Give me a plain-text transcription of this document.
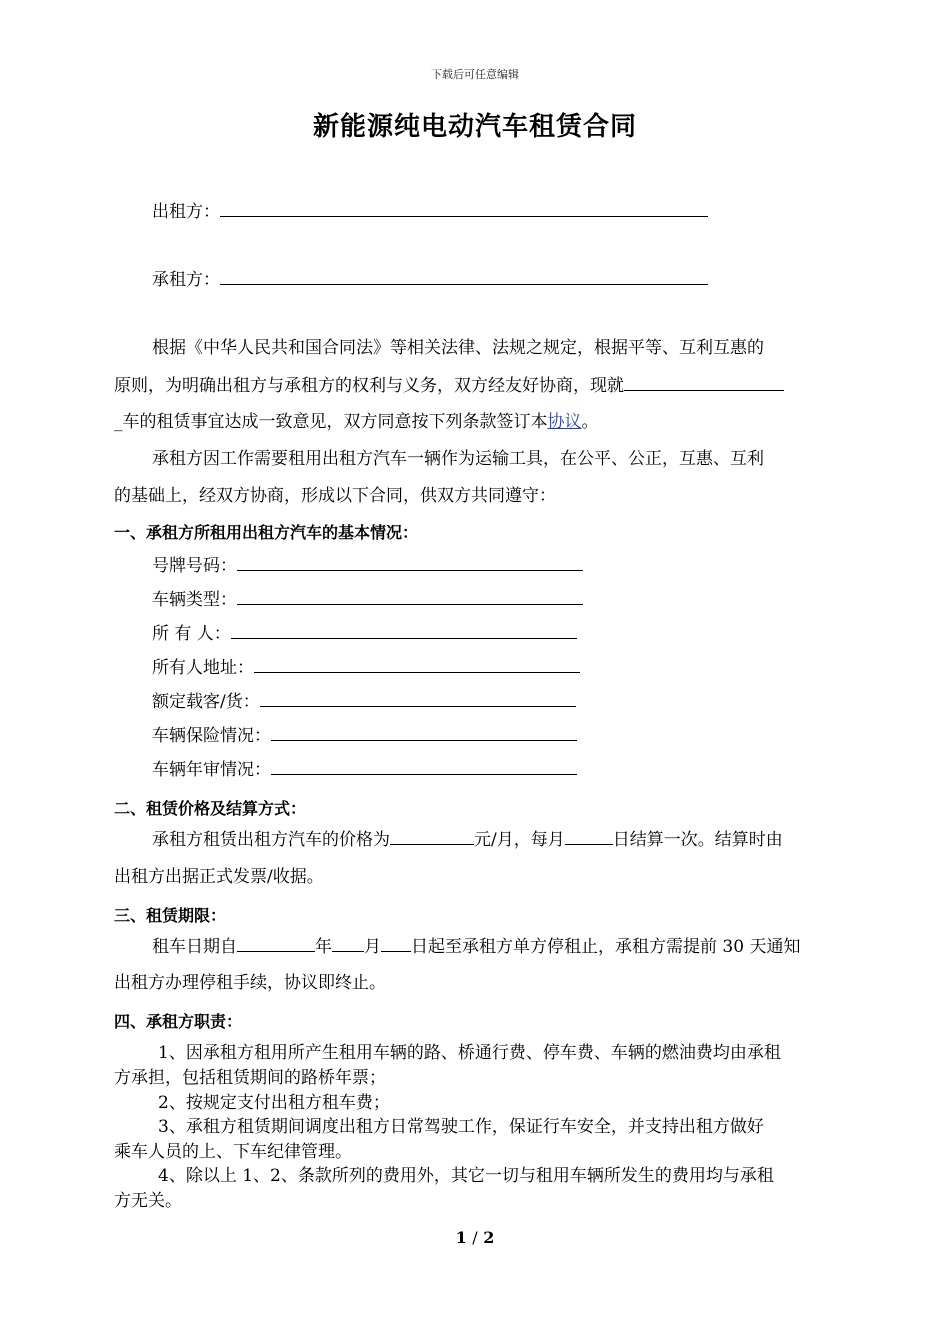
下载后可任意编辑
新能源纯电动汽车租赁合同
出租方：
承租方：
根据《中华人民共和国合同法》等相关法律、法规之规定，根据平等、互利互惠的
原则，为明确出租方与承租方的权利与义务，双方经友好协商，现就
_车的租赁事宜达成一致意见，双方同意按下列条款签订本协议。
承租方因工作需要租用出租方汽车一辆作为运输工具，在公平、公正，互惠、互利
的基础上，经双方协商，形成以下合同，供双方共同遵守：
一、承租方所租用出租方汽车的基本情况：
号牌号码：
车辆类型：
所 有 人：
所有人地址：
额定载客/货：
车辆保险情况：
车辆年审情况：
二、租赁价格及结算方式：
承租方租赁出租方汽车的价格为	元/月，每月	日结算一次。结算时由
出租方出据正式发票/收据。
三、租赁期限：
租车日期自	年 月 日起至承租方单方停租止，承租方需提前 30 天通知
出租方办理停租手续，协议即终止。
四、承租方职责：
1、因承租方租用所产生租用车辆的路、桥通行费、停车费、车辆的燃油费均由承租
方承担，包括租赁期间的路桥年票；
2、按规定支付出租方租车费；
3、承租方租赁期间调度出租方日常驾驶工作，保证行车安全，并支持出租方做好
乘车人员的上、下车纪律管理。
4、除以上 1、2、条款所列的费用外，其它一切与租用车辆所发生的费用均与承租
方无关。
1 / 2
